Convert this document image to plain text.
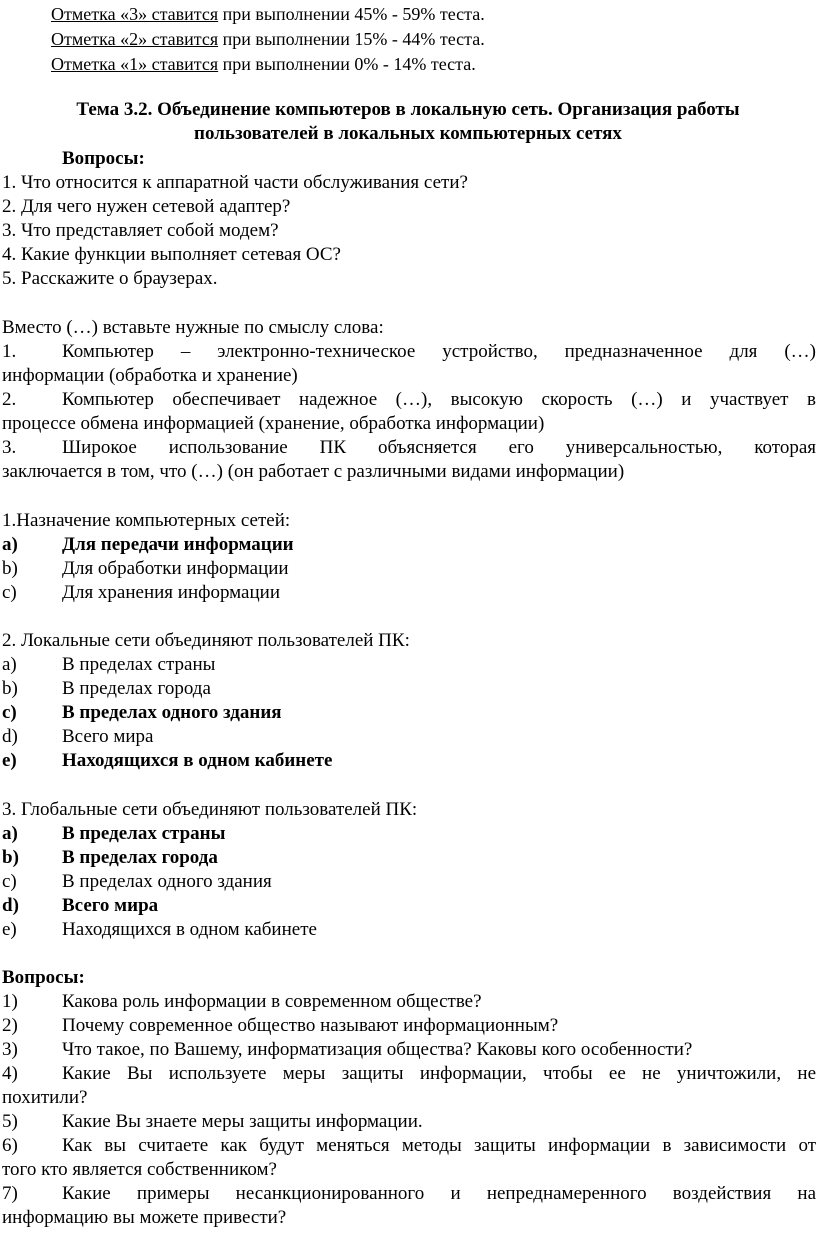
Отметка «3» ставится при выполнении 45% - 59% теста.
Отметка «2» ставится при выполнении 15% - 44% теста.
Отметка «1» ставится при выполнении 0% - 14% теста.
Тема 3.2. Объединение компьютеров в локальную сеть. Организация работы
пользователей в локальных компьютерных сетях
Вопросы:
1. Что относится к аппаратной части обслуживания сети?
2. Для чего нужен сетевой адаптер?
3. Что представляет собой модем?
4. Какие функции выполняет сетевая ОС?
5. Расскажите о браузерах.
Вместо (…) вставьте нужные по смыслу слова:
1. Компьютер – электронно-техническое устройство, предназначенное для (…)
информации (обработка и хранение)
2. Компьютер обеспечивает надежное (…), высокую скорость (…) и участвует в
процессе обмена информацией (хранение, обработка информации)
3. Широкое использование ПК объясняется его универсальностью, которая
заключается в том, что (…) (он работает с различными видами информации)
1.Назначение компьютерных сетей:
a) Для передачи информации
b) Для обработки информации
c) Для хранения информации
2. Локальные сети объединяют пользователей ПК:
a) В пределах страны
b) В пределах города
c) В пределах одного здания
d) Всего мира
e) Находящихся в одном кабинете
3. Глобальные сети объединяют пользователей ПК:
a) В пределах страны
b) В пределах города
c) В пределах одного здания
d) Всего мира
e) Находящихся в одном кабинете
Вопросы:
1) Какова роль информации в современном обществе?
2) Почему современное общество называют информационным?
3) Что такое, по Вашему, информатизация общества? Каковы кого особенности?
4) Какие Вы используете меры защиты информации, чтобы ее не уничтожили, не
похитили?
5) Какие Вы знаете меры защиты информации.
6) Как вы считаете как будут меняться методы защиты информации в зависимости от
того кто является собственником?
7) Какие примеры несанкционированного и непреднамеренного воздействия на
информацию вы можете привести?
